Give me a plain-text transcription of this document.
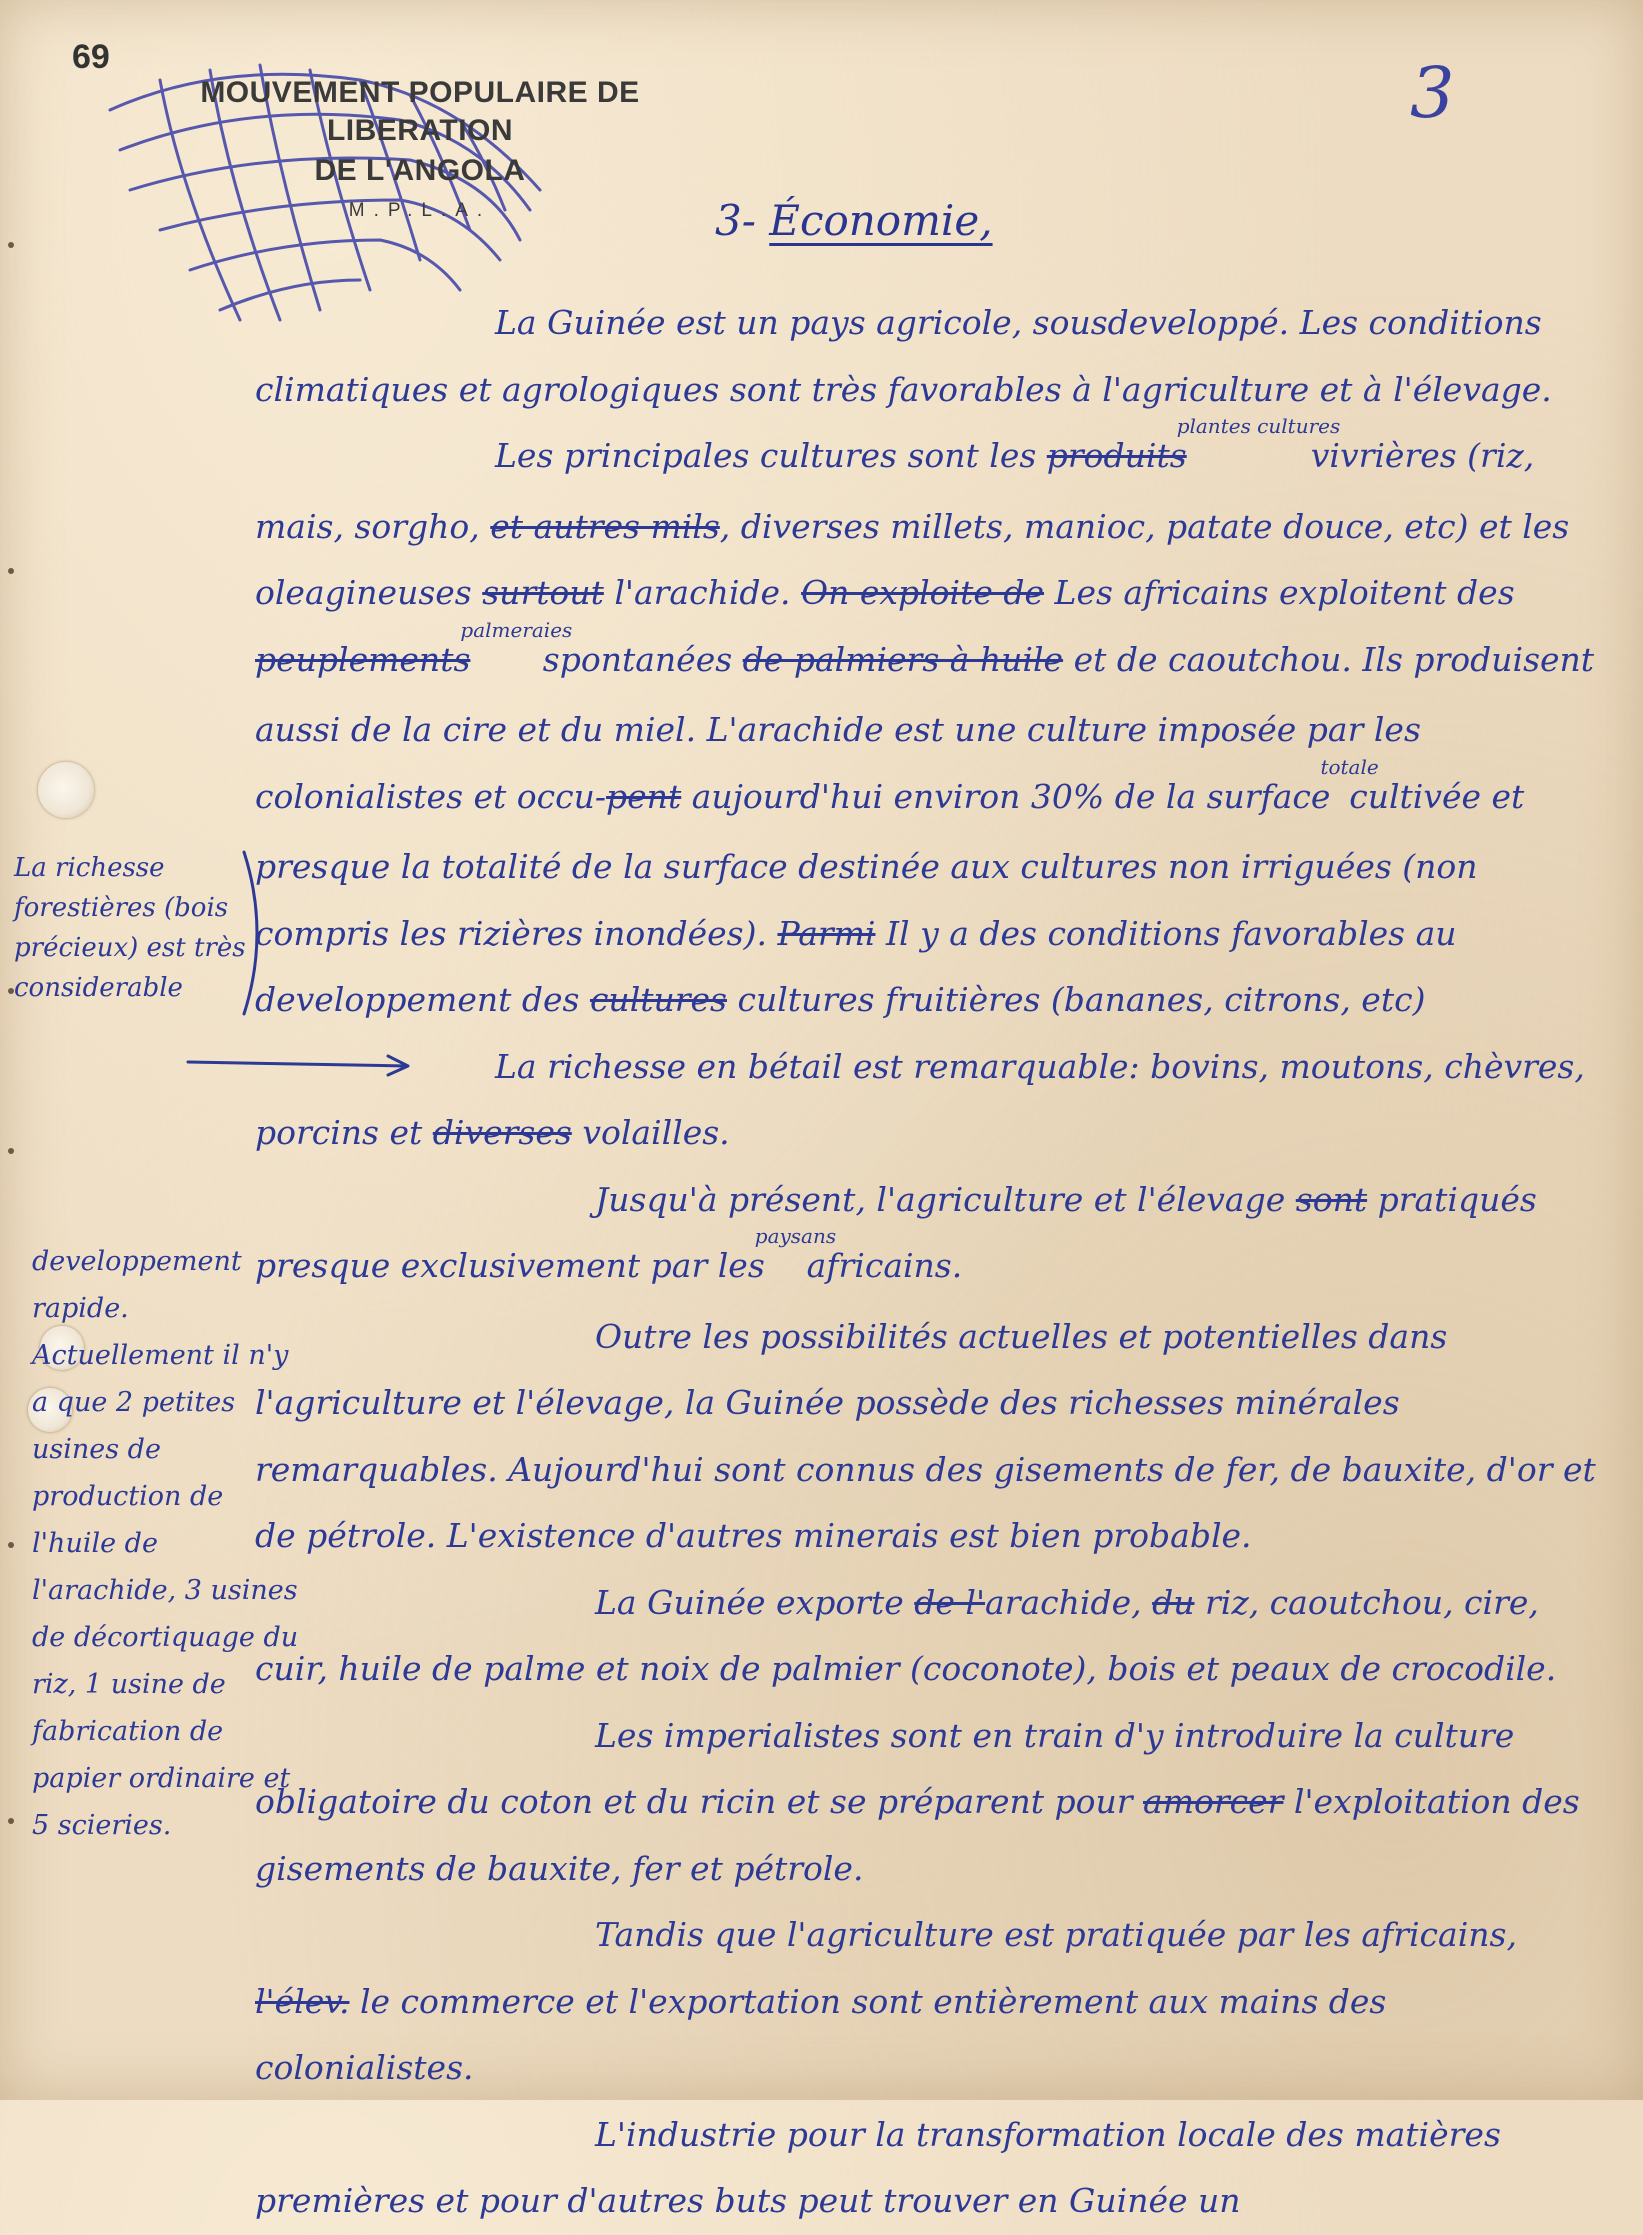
69
MOUVEMENT POPULAIRE DE LIBERATION
DE L'ANGOLA
M.P.L.A.
3
3- Économie,

La Guinée est un pays agricole, sousdeveloppé. Les conditions climatiques et agrologiques sont très favorables à l'agriculture et à l'élevage.

Les principales cultures sont les produits$^{plantes cultures}$ vivrières (riz, mais, sorgho, et autres mils, diverses millets, manioc, patate douce, etc) et les oleagineuses surtout l'arachide. On exploite de Les africains exploitent des peuplements$^{palmeraies}$ spontanées de palmiers à huile et de caoutchou. Ils produisent aussi de la cire et du miel. L'arachide est une culture imposée par les colonialistes et occu-pent aujourd'hui environ 30% de la surface$^{totale}$ cultivée et presque la totalité de la surface destinée aux cultures non irriguées (non compris les rizières inondées). Parmi Il y a des conditions favorables au developpement des cultures cultures fruitières (bananes, citrons, etc)

La richesse en bétail est remarquable: bovins, moutons, chèvres, porcins et diverses volailles.

Jusqu'à présent, l'agriculture et l'élevage sont pratiqués presque exclusivement par les$^{paysans}$ africains.

Outre les possibilités actuelles et potentielles dans l'agriculture et l'élevage, la Guinée possède des richesses minérales remarquables. Aujourd'hui sont connus des gisements de fer, de bauxite, d'or et de pétrole. L'existence d'autres minerais est bien probable.

La Guinée exporte de l'arachide, du riz, caoutchou, cire, cuir, huile de palme et noix de palmier (coconote), bois et peaux de crocodile.

Les imperialistes sont en train d'y introduire la culture obligatoire du coton et du ricin et se préparent pour amorcer l'exploitation des gisements de bauxite, fer et pétrole.

Tandis que l'agriculture est pratiquée par les africains, l'élev. le commerce et l'exportation sont entièrement aux mains des colonialistes.

L'industrie pour la transformation locale des matières premières et pour d'autres buts peut trouver en Guinée un

La richesse forestières (bois précieux) est très considerable
developpement rapide. Actuellement il n'y a que 2 petites usines de production de l'huile de l'arachide, 3 usines de décortiquage du riz, 1 usine de fabrication de papier ordinaire et 5 scieries.
